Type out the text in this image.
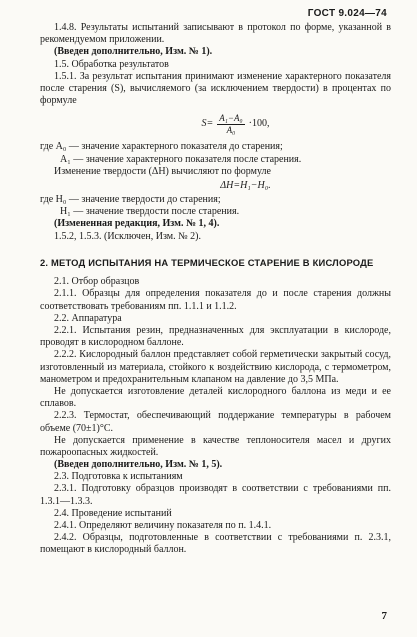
ГОСТ 9.024—74

1.4.8. Результаты испытаний записывают в протокол по форме, указанной в рекомендуемом приложении.

(Введен дополнительно, Изм. № 1).

1.5. Обработка результатов

1.5.1. За результат испытания принимают изменение характерного показателя после старения (S), вычисляемого (за исключением твердости) в процентах по формуле

$S= \frac{\text{A₁−A₀}}{\text{A₀}} \cdot 100$,

где A₀ — значение характерного показателя до старения;

A₁ — значение характерного показателя после старения.

Изменение твердости (ΔH) вычисляют по формуле

ΔH=H₁−H₀.

где H₀ — значение твердости до старения;

H₁ — значение твердости после старения.

(Измененная редакция, Изм. № 1, 4).

1.5.2, 1.5.3. (Исключен, Изм. № 2).

2. МЕТОД ИСПЫТАНИЯ НА ТЕРМИЧЕСКОЕ СТАРЕНИЕ В КИСЛОРОДЕ

2.1. Отбор образцов

2.1.1. Образцы для определения показателя до и после старения должны соответствовать требованиям пп. 1.1.1 и 1.1.2.

2.2. Аппаратура

2.2.1. Испытания резин, предназначенных для эксплуатации в кислороде, проводят в кислородном баллоне.

2.2.2. Кислородный баллон представляет собой герметически закрытый сосуд, изготовленный из материала, стойкого к воздействию кислорода, с термометром, манометром и предохранительным клапаном на давление до 3,5 МПа.

Не допускается изготовление деталей кислородного баллона из меди и ее сплавов.

2.2.3. Термостат, обеспечивающий поддержание температуры в рабочем объеме (70±1)°С.

Не допускается применение в качестве теплоносителя масел и других пожароопасных жидкостей.

(Введен дополнительно, Изм. № 1, 5).

2.3. Подготовка к испытаниям

2.3.1. Подготовку образцов производят в соответствии с требованиями пп. 1.3.1—1.3.3.

2.4. Проведение испытаний

2.4.1. Определяют величину показателя по п. 1.4.1.

2.4.2. Образцы, подготовленные в соответствии с требованиями п. 2.3.1, помещают в кислородный баллон.

7
